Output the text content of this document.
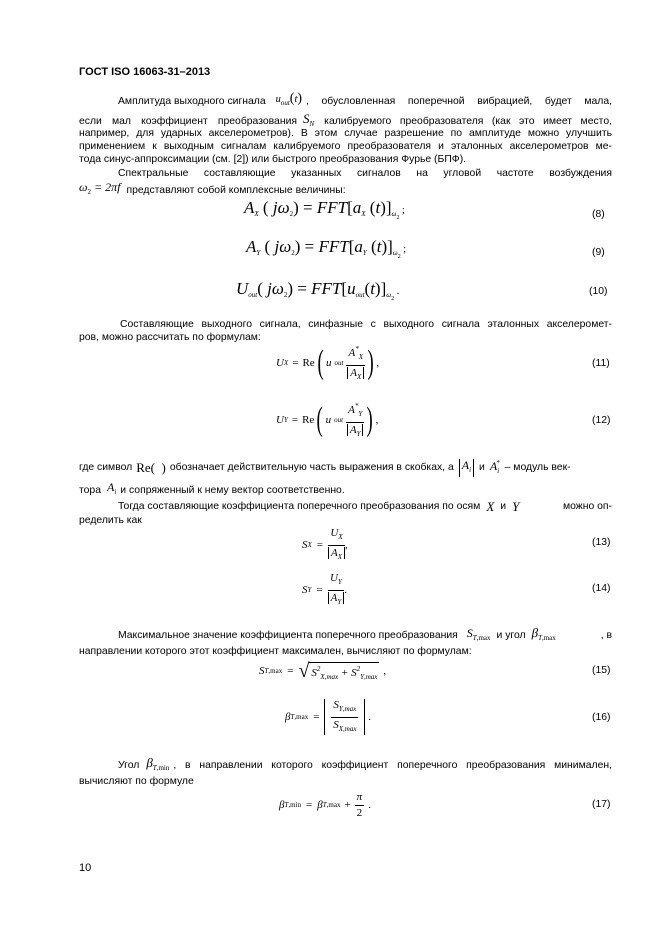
ГОСТ ISO 16063-31–2013
Амплитуда выходного сигнала $u_{out}(t)$ , обусловленная поперечной вибрацией, будет мала,
если мал коэффициент преобразования $S_N$ калибруемого преобразователя (как это имеет место,
например, для ударных акселерометров). В этом случае разрешение по амплитуде можно улучшить
применением к выходным сигналам калибруемого преобразователя и эталонных акселерометров ме-
тода синус-аппроксимации (см. [2]) или быстрого преобразования Фурье (БПФ).
Спектральные составляющие указанных сигналов на угловой частоте возбуждения
$\omega_2 = 2\pi f$ представляют собой комплексные величины:
$A_X$ ( $j\omega_2) = FFT[a_X$ $(t)]_{\omega_2}$ ;	(8)
$A_Y$ ( $j\omega_2) = FFT[a_Y$ $(t)]_{\omega_2}$ ;	(9)
$U_{out}$( $j\omega_2) = FFT[u_{out}(t)]_{\omega_2}$ .	(10)
Составляющие выходного сигнала, синфазные с выходного сигнала эталонных акселеромет-
ров, можно рассчитать по формулам:
U X = Re ( u out $\frac{A^*_X}{A_X}$ ) ,	(11)
U Y = Re ( u out $\frac{A^*_Y}{A_Y}$ ) ,	(12)
где символ Re(  ) обозначает действительную часть выражения в скобках, а $A_i$ и $A_i^*$ – модуль век-
тора $A_i$ и сопряженный к нему вектор соответственно.
Тогда составляющие коэффициента поперечного преобразования по осям X и Y	можно оп-
ределить как
S $X = \frac{U_X}{A_X}$ ,	(13)
S $Y = \frac{U_Y}{A_Y}$ .	(14)
Максимальное значение коэффициента поперечного преобразования $S_{T,max}$ и угол $\beta_{T,max}$	, в
направлении которого этот коэффициент максимален, вычисляют по формулам:
S T ,max = √ $S^2_{X,max} + S^2_{Y,max}$ ,	(15)
β T $,\max = \frac{S_{Y,max}}{S_{X,max}}$ .	(16)
Угол $\beta_{T,min}$ , в направлении которого коэффициент поперечного преобразования минимален,
вычисляют по формуле
β T ,min = β T $,\max + \frac{\pi}{2}$ .	(17)
10
